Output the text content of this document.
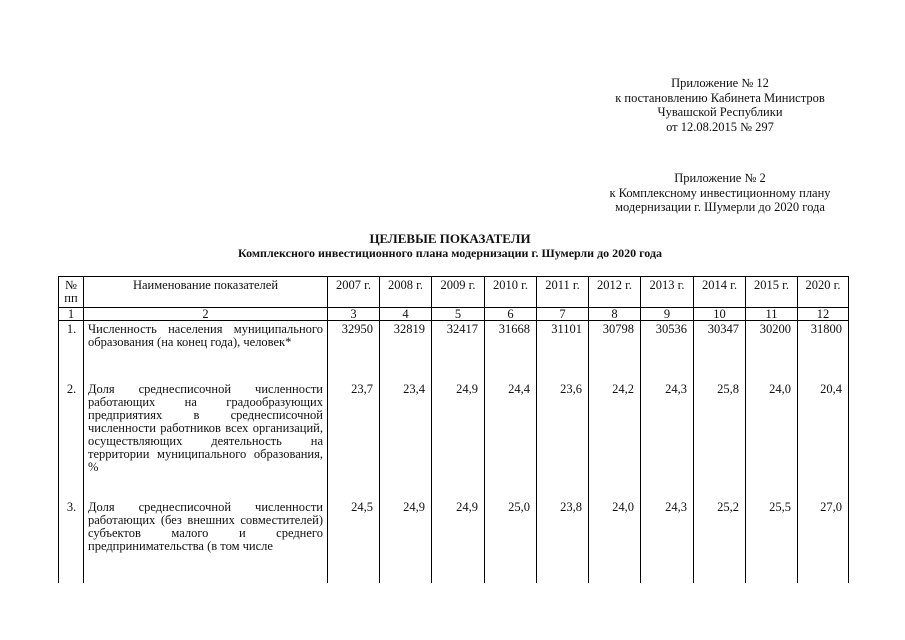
Приложение № 12
к постановлению Кабинета Министров
Чувашской Республики
от 12.08.2015 № 297
Приложение № 2
к Комплексному инвестиционному плану
модернизации г. Шумерли до 2020 года
ЦЕЛЕВЫЕ ПОКАЗАТЕЛИ
Комплексного инвестиционного плана модернизации г. Шумерли до 2020 года
№ пп	Наименование показателей	2007 г.	2008 г.	2009 г.	2010 г.	2011 г.	2012 г.	2013 г.	2014 г.	2015 г.	2020 г.
1	2	3	4	5	6	7	8	9	10	11	12
1.	Численность населения муниципального образования (на конец года), человек*	32950	32819	32417	31668	31101	30798	30536	30347	30200	31800
2.	Доля среднесписочной численности работающих на градообразующих предприятиях в среднесписочной численности работников всех организаций, осуществляющих деятельность на территории муниципального образования, %	23,7	23,4	24,9	24,4	23,6	24,2	24,3	25,8	24,0	20,4
3.	Доля среднесписочной численности работающих (без внешних совместителей) субъектов малого и среднего предпринимательства (в том числе	24,5	24,9	24,9	25,0	23,8	24,0	24,3	25,2	25,5	27,0
